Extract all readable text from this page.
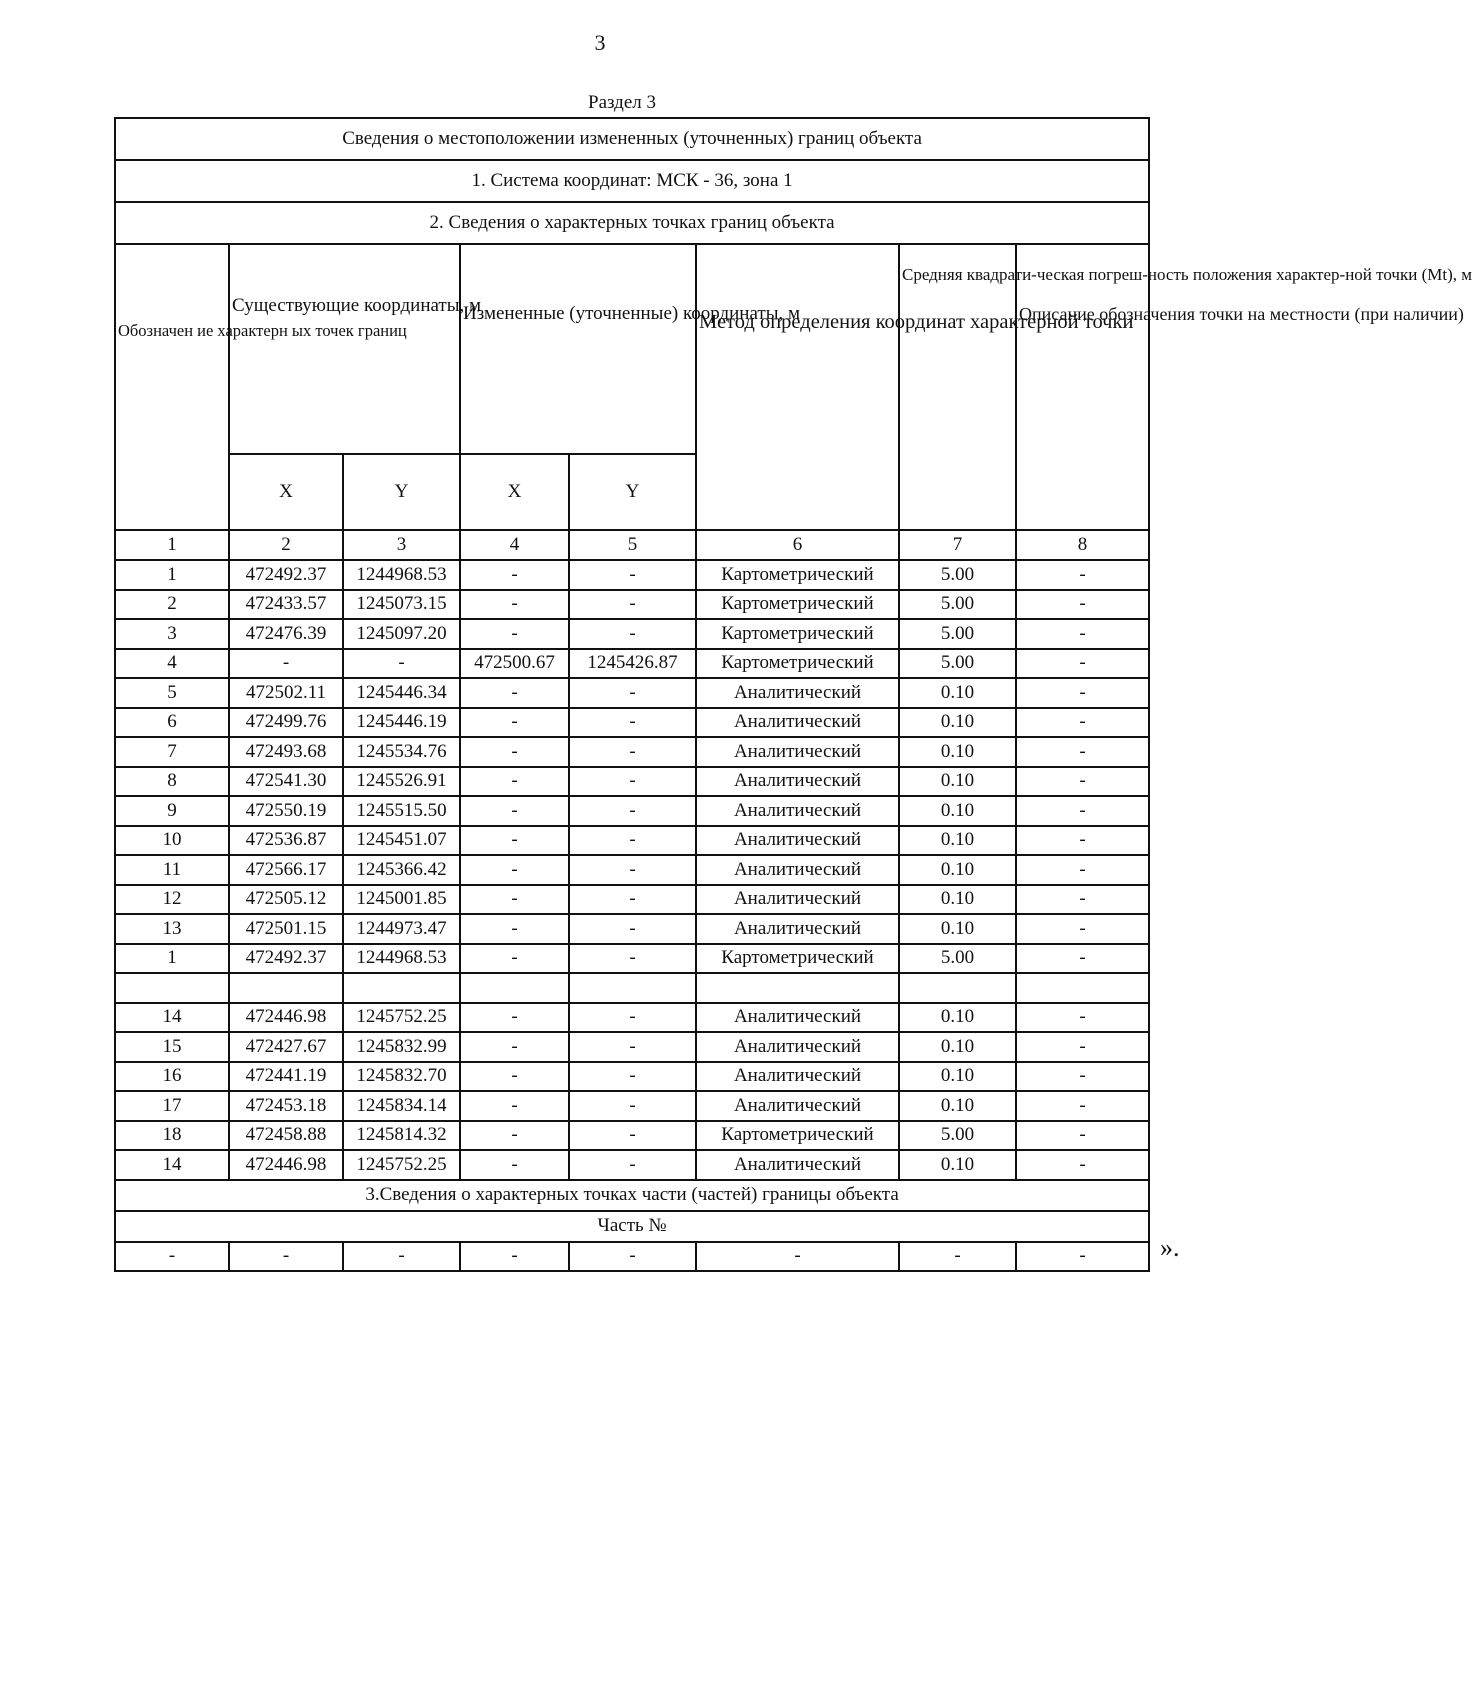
3
Раздел 3
Сведения о местоположении измененных (уточненных) границ объекта							
1. Система координат: МСК - 36, зона 1							
2. Сведения о характерных точках границ объекта							
Обозначен ие характерн ых точек границ	Существующие координаты, м		Измененные (уточненные) координаты, м		Метод определения координат характерной точки	Средняя квадрати-ческая погреш-ность положения характер-ной точки (Mt), м	Описание обозначения точки на местности (при наличии)
	X	Y	X	Y			
1	2	3	4	5	6	7	8
1	472492.37	1244968.53	-	-	Картометрический	5.00	-
2	472433.57	1245073.15	-	-	Картометрический	5.00	-
3	472476.39	1245097.20	-	-	Картометрический	5.00	-
4	-	-	472500.67	1245426.87	Картометрический	5.00	-
5	472502.11	1245446.34	-	-	Аналитический	0.10	-
6	472499.76	1245446.19	-	-	Аналитический	0.10	-
7	472493.68	1245534.76	-	-	Аналитический	0.10	-
8	472541.30	1245526.91	-	-	Аналитический	0.10	-
9	472550.19	1245515.50	-	-	Аналитический	0.10	-
10	472536.87	1245451.07	-	-	Аналитический	0.10	-
11	472566.17	1245366.42	-	-	Аналитический	0.10	-
12	472505.12	1245001.85	-	-	Аналитический	0.10	-
13	472501.15	1244973.47	-	-	Аналитический	0.10	-
1	472492.37	1244968.53	-	-	Картометрический	5.00	-

14	472446.98	1245752.25	-	-	Аналитический	0.10	-
15	472427.67	1245832.99	-	-	Аналитический	0.10	-
16	472441.19	1245832.70	-	-	Аналитический	0.10	-
17	472453.18	1245834.14	-	-	Аналитический	0.10	-
18	472458.88	1245814.32	-	-	Картометрический	5.00	-
14	472446.98	1245752.25	-	-	Аналитический	0.10	-
3.Сведения о характерных точках части (частей) границы объекта							
Часть №							
-	-	-	-	-	-	-	-	».
